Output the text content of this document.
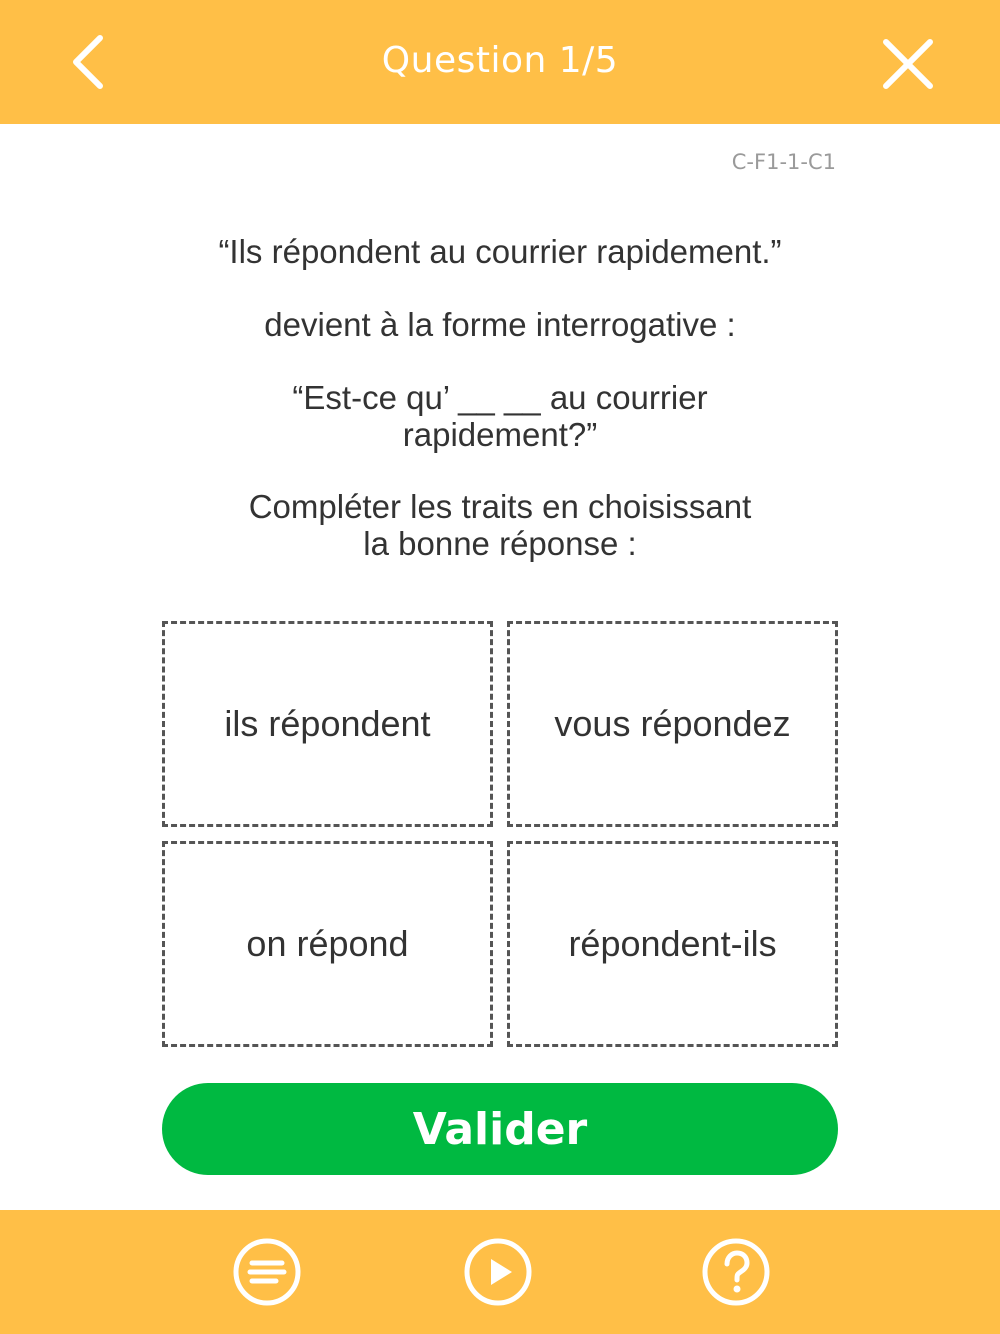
Question 1/5
C-F1-1-C1
“Ils répondent au courrier rapidement.”
devient à la forme interrogative :
“Est-ce qu’ __ __ au courrier
rapidement?”
Compléter les traits en choisissant
la bonne réponse :
ils répondent	vous répondez
on répond	répondent-ils
Valider
